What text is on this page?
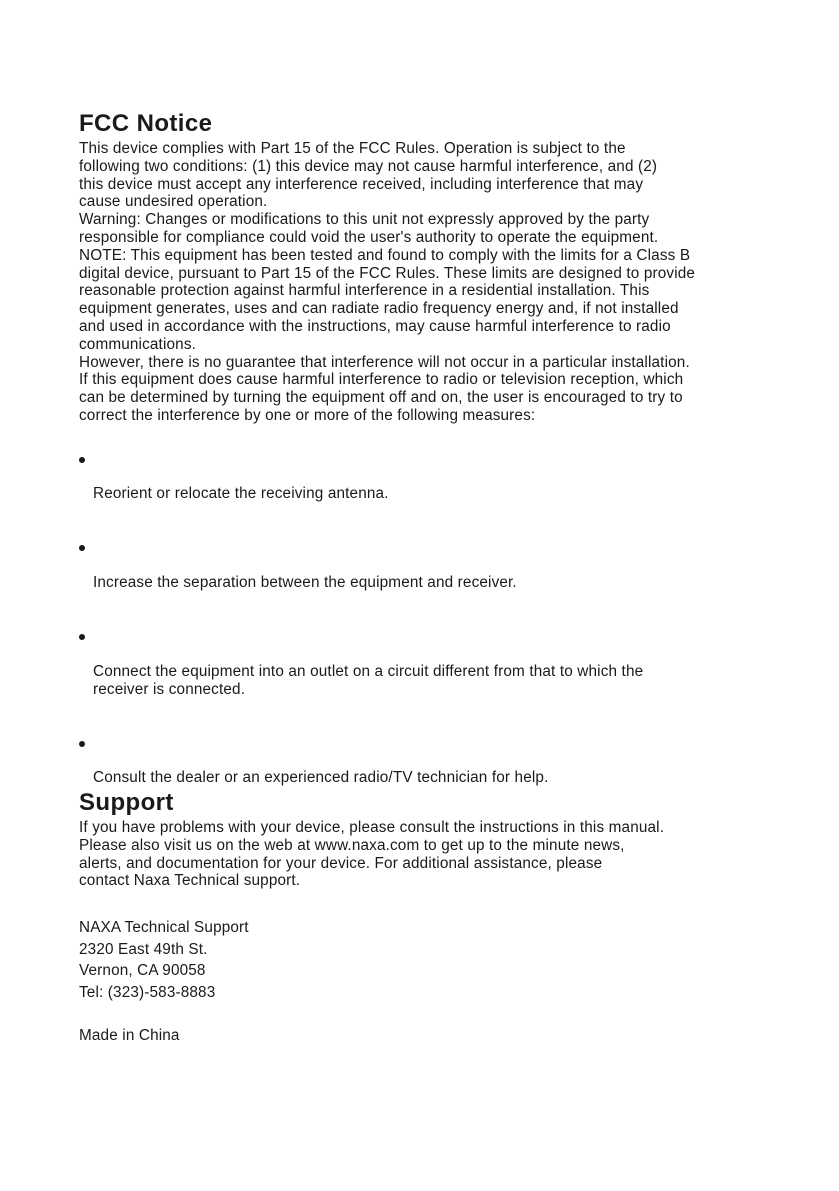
FCC Notice

This device complies with Part 15 of the FCC Rules. Operation is subject to the
following two conditions: (1) this device may not cause harmful interference, and (2)
this device must accept any interference received, including interference that may
cause undesired operation.

Warning: Changes or modifications to this unit not expressly approved by the party
responsible for compliance could void the user's authority to operate the equipment.

NOTE: This equipment has been tested and found to comply with the limits for a Class B
digital device, pursuant to Part 15 of the FCC Rules. These limits are designed to provide
reasonable protection against harmful interference in a residential installation. This
equipment generates, uses and can radiate radio frequency energy and, if not installed
and used in accordance with the instructions, may cause harmful interference to radio
communications.

However, there is no guarantee that interference will not occur in a particular installation.
If this equipment does cause harmful interference to radio or television reception, which
can be determined by turning the equipment off and on, the user is encouraged to try to
correct the interference by one or more of the following measures:

Reorient or relocate the receiving antenna.

Increase the separation between the equipment and receiver.

Connect the equipment into an outlet on a circuit different from that to which the
receiver is connected.

Consult the dealer or an experienced radio/TV technician for help.

Support

If you have problems with your device, please consult the instructions in this manual.
Please also visit us on the web at www.naxa.com to get up to the minute news,
alerts, and documentation for your device. For additional assistance, please
contact Naxa Technical support.

NAXA Technical Support

2320 East 49th St.

Vernon, CA 90058

Tel: (323)-583-8883

Made in China
